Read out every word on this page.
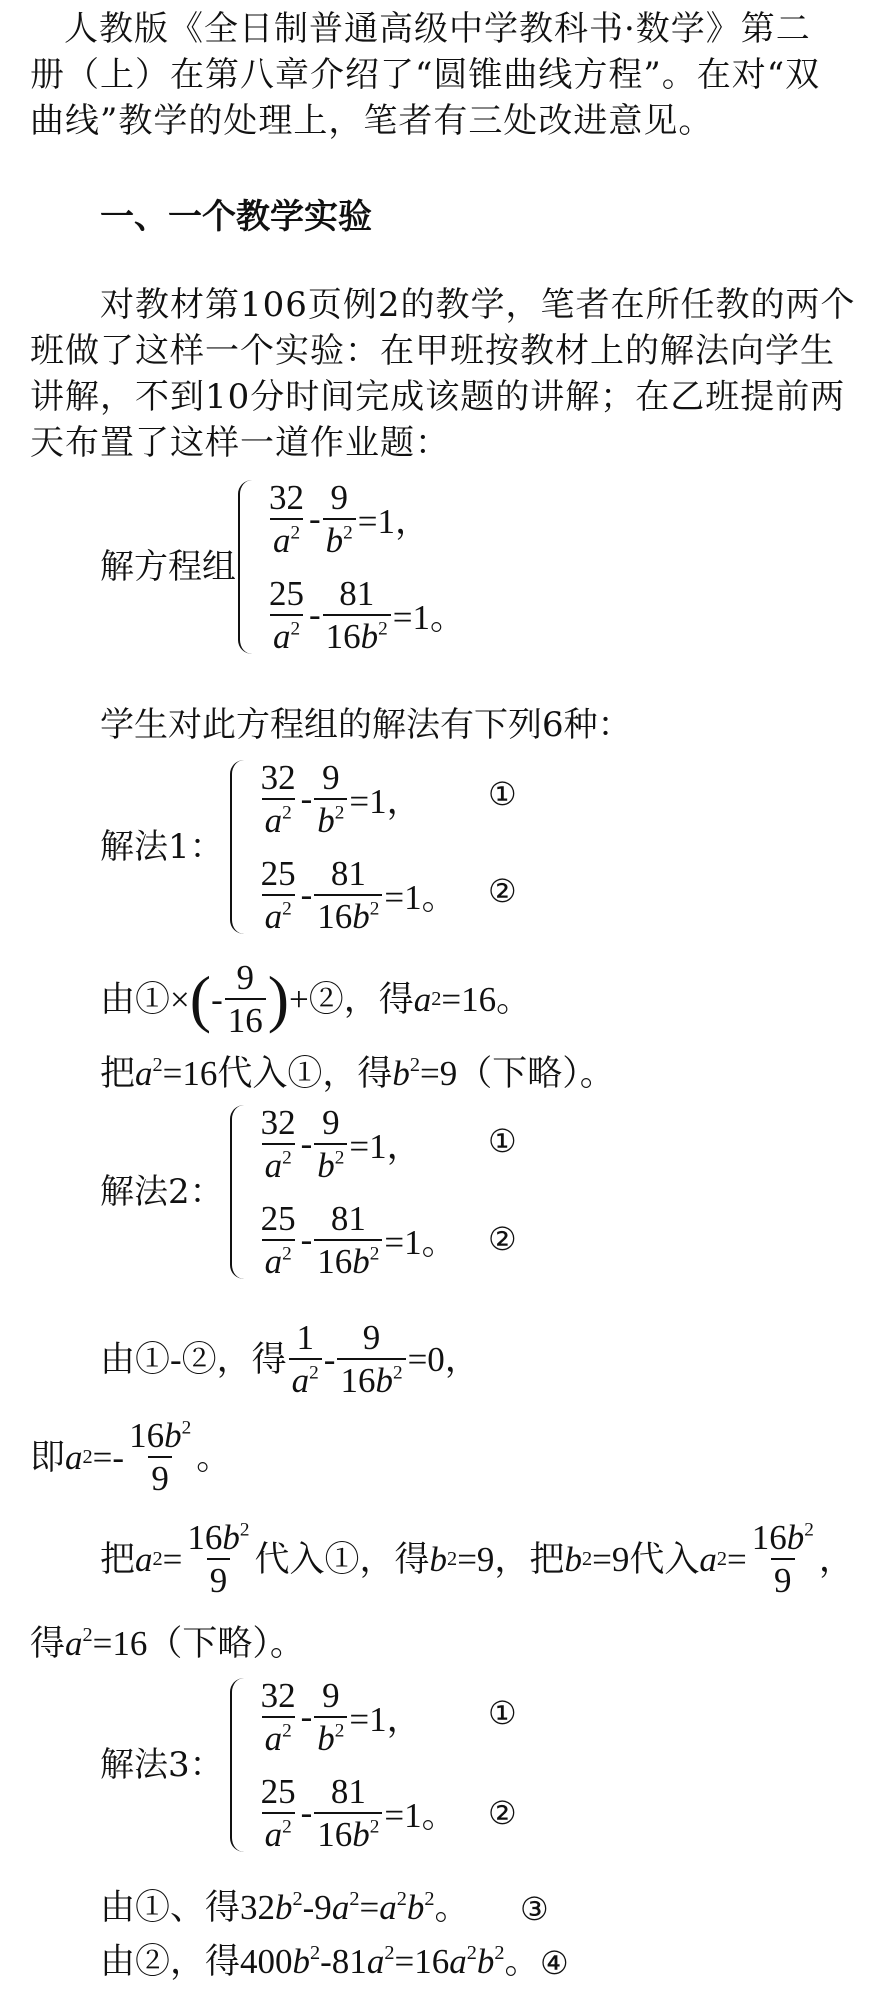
人教版《全日制普通高级中学教科书·数学》第二
册（上）在第八章介绍了“圆锥曲线方程”。在对“双
曲线”教学的处理上，笔者有三处改进意见。
一、一个教学实验
对教材第106页例2的教学，笔者在所任教的两个
班做了这样一个实验：在甲班按教材上的解法向学生
讲解，不到10分时间完成该题的讲解；在乙班提前两
天布置了这样一道作业题：
解方程组
$\frac{32}{a^2} - \frac{9}{b^2} =1$，
$\frac{25}{a^2} - \frac{81}{16b^2} =1$。
学生对此方程组的解法有下列6种：
解法1：
$\frac{32}{a^2} - \frac{9}{b^2} =1$，
$\frac{25}{a^2} - \frac{81}{16b^2} =1$。
①
②
由①× ( - $\frac{9}{16}$ ) +②，得 a 2 =16。
把$a^2=16$代入①，得$b^2=9$（下略）。
解法2：
$\frac{32}{a^2} - \frac{9}{b^2} =1$，
$\frac{25}{a^2} - \frac{81}{16b^2} =1$。
①
②
由①-②，得 $\frac{1}{a^2} - \frac{9}{16b^2} =0$，
即 a $2 =- \frac{16b^2}{9}$ 。
把 a $2 = \frac{16b^2}{9}$ 代入①，得 b 2 =9，把 b 2 =9代入 a $2 = \frac{16b^2}{9}$ ，
得$a^2=16$（下略）。
解法3：
$\frac{32}{a^2} - \frac{9}{b^2} =1$，
$\frac{25}{a^2} - \frac{81}{16b^2} =1$。
①
②
由①、得$32b^2-9a^2=a^2b^2$。 ③
由②，得$400b^2-81a^2=16a^2b^2$。 ④
